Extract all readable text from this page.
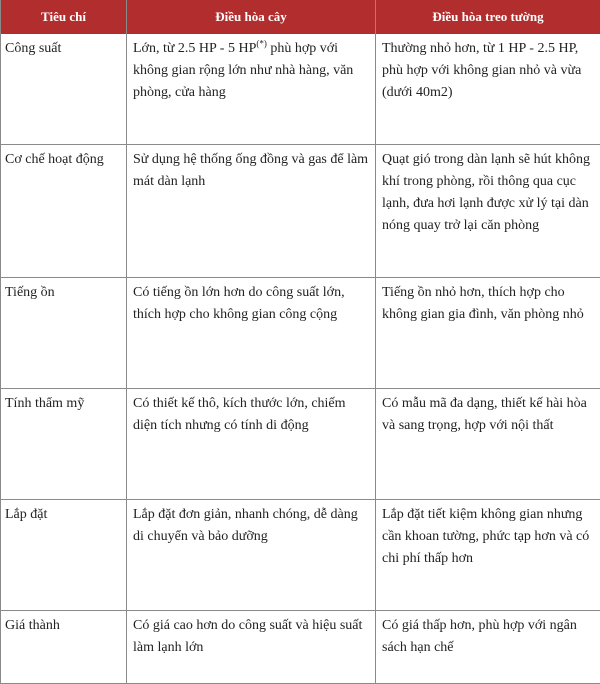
Tiêu chí	Điều hòa cây	Điều hòa treo tường
Công suất	Lớn, từ 2.5 HP - 5 HP(*) phù hợp với không gian rộng lớn như nhà hàng, văn phòng, cửa hàng	Thường nhỏ hơn, từ 1 HP - 2.5 HP, phù hợp với không gian nhỏ và vừa (dưới 40m2)
Cơ chế hoạt động	Sử dụng hệ thống ống đồng và gas để làm mát dàn lạnh	Quạt gió trong dàn lạnh sẽ hút không khí trong phòng, rồi thông qua cục lạnh, đưa hơi lạnh được xử lý tại dàn nóng quay trở lại căn phòng
Tiếng ồn	Có tiếng ồn lớn hơn do công suất lớn, thích hợp cho không gian công cộng	Tiếng ồn nhỏ hơn, thích hợp cho không gian gia đình, văn phòng nhỏ
Tính thẩm mỹ	Có thiết kế thô, kích thước lớn, chiếm diện tích nhưng có tính di động	Có mẫu mã đa dạng, thiết kế hài hòa và sang trọng, hợp với nội thất
Lắp đặt	Lắp đặt đơn giản, nhanh chóng, dễ dàng di chuyển và bảo dưỡng	Lắp đặt tiết kiệm không gian nhưng cần khoan tường, phức tạp hơn và có chi phí thấp hơn
Giá thành	Có giá cao hơn do công suất và hiệu suất làm lạnh lớn	Có giá thấp hơn, phù hợp với ngân sách hạn chế
